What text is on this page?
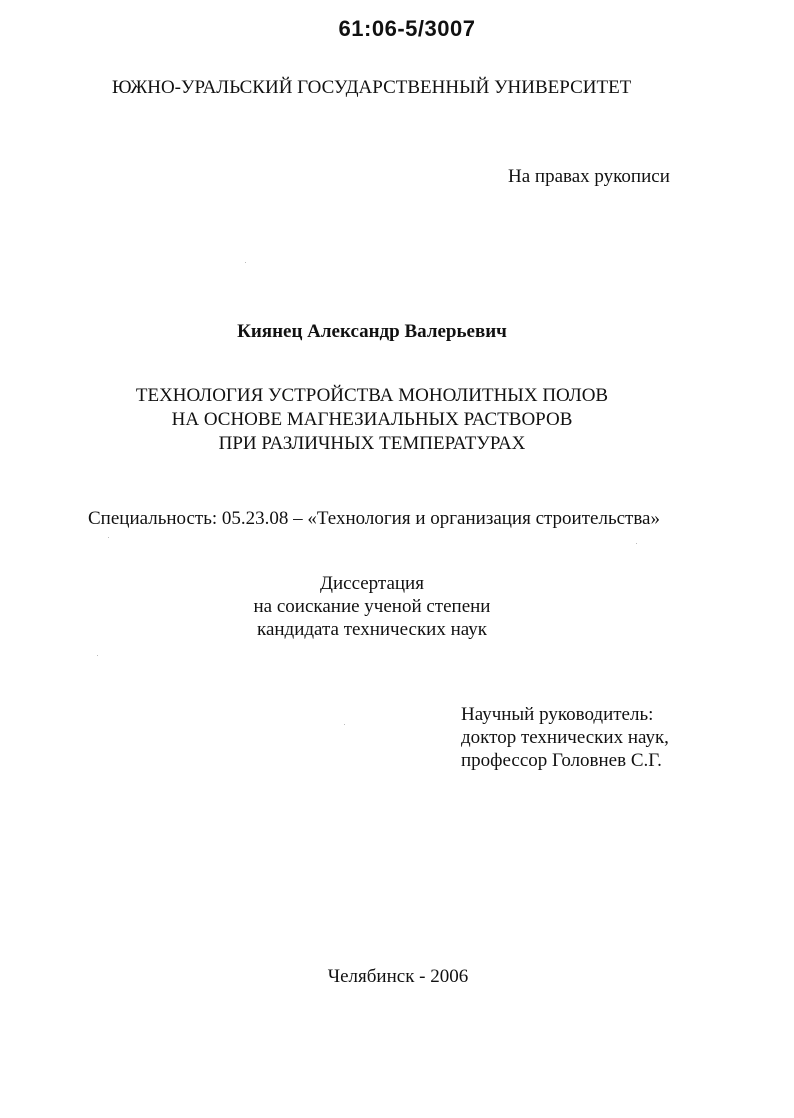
61:06-5/3007
ЮЖНО-УРАЛЬСКИЙ ГОСУДАРСТВЕННЫЙ УНИВЕРСИТЕТ
На правах рукописи
Киянец Александр Валерьевич
ТЕХНОЛОГИЯ УСТРОЙСТВА МОНОЛИТНЫХ ПОЛОВ
НА ОСНОВЕ МАГНЕЗИАЛЬНЫХ РАСТВОРОВ
ПРИ РАЗЛИЧНЫХ ТЕМПЕРАТУРАХ
Специальность: 05.23.08 – «Технология и организация строительства»
Диссертация
на соискание ученой степени
кандидата технических наук
Научный руководитель:
доктор технических наук,
профессор Головнев С.Г.
Челябинск - 2006
